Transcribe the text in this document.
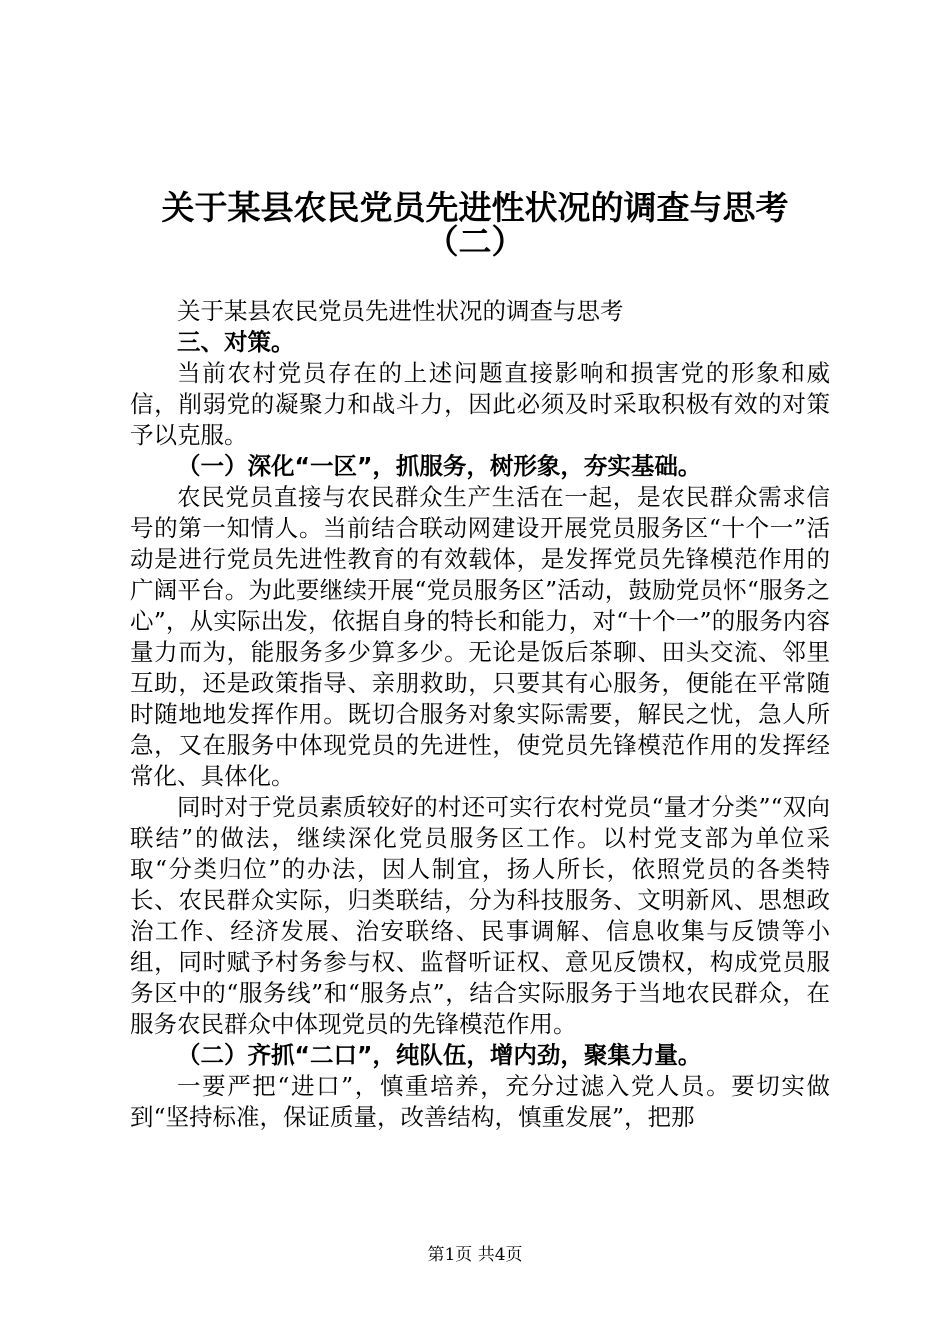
关于某县农民党员先进性状况的调查与思考
（二）

关于某县农民党员先进性状况的调查与思考

三、对策。

当前农村党员存在的上述问题直接影响和损害党的形象和威信，削弱党的凝聚力和战斗力，因此必须及时采取积极有效的对策予以克服。

（一）深化“一区”，抓服务，树形象，夯实基础。

农民党员直接与农民群众生产生活在一起，是农民群众需求信号的第一知情人。当前结合联动网建设开展党员服务区“十个一”活动是进行党员先进性教育的有效载体，是发挥党员先锋模范作用的广阔平台。为此要继续开展“党员服务区”活动，鼓励党员怀“服务之心”，从实际出发，依据自身的特长和能力，对“十个一”的服务内容量力而为，能服务多少算多少。无论是饭后茶聊、田头交流、邻里互助，还是政策指导、亲朋救助，只要其有心服务，便能在平常随时随地地发挥作用。既切合服务对象实际需要，解民之忧，急人所急，又在服务中体现党员的先进性，使党员先锋模范作用的发挥经常化、具体化。

同时对于党员素质较好的村还可实行农村党员“量才分类”“双向联结”的做法，继续深化党员服务区工作。以村党支部为单位采取“分类归位”的办法，因人制宜，扬人所长，依照党员的各类特长、农民群众实际，归类联结，分为科技服务、文明新风、思想政治工作、经济发展、治安联络、民事调解、信息收集与反馈等小组，同时赋予村务参与权、监督听证权、意见反馈权，构成党员服务区中的“服务线”和“服务点”，结合实际服务于当地农民群众，在服务农民群众中体现党员的先锋模范作用。

（二）齐抓“二口”，纯队伍，增内劲，聚集力量。

一要严把“进口”，慎重培养，充分过滤入党人员。要切实做到“坚持标准，保证质量，改善结构，慎重发展”，把那

第1页 共4页
